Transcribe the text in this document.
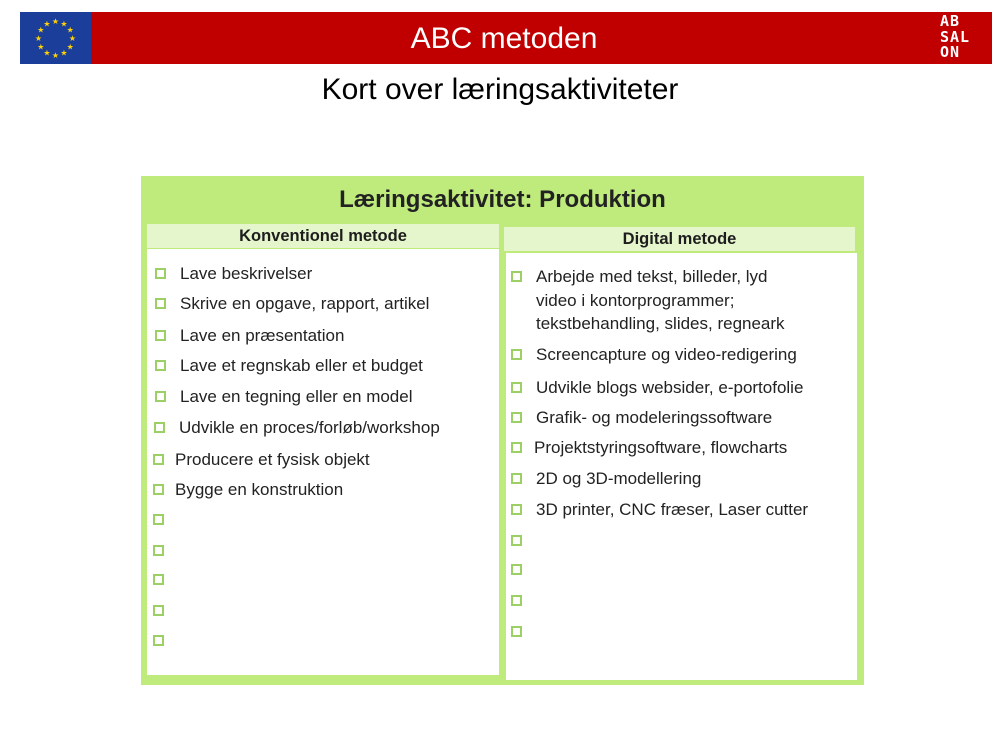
★ ★
★
★
★
★
★
★
★
★
★
★	ABC metoden
AB
SAL
ON
Kort over læringsaktiviteter
Læringsaktivitet: Produktion
Konventionel metode
Lave beskrivelser
Skrive en opgave, rapport, artikel
Lave en præsentation
Lave et regnskab eller et budget
Lave en tegning eller en model
Udvikle en proces/forløb/workshop
Producere et fysisk objekt
Bygge en konstruktion
Digital metode
Arbejde med tekst, billeder, lyd video i kontorprogrammer; tekstbehandling, slides, regneark
Screencapture og video-redigering
Udvikle blogs websider, e-portofolie
Grafik- og modeleringssoftware
Projektstyringsoftware, flowcharts
2D og 3D-modellering
3D printer, CNC fræser, Laser cutter
